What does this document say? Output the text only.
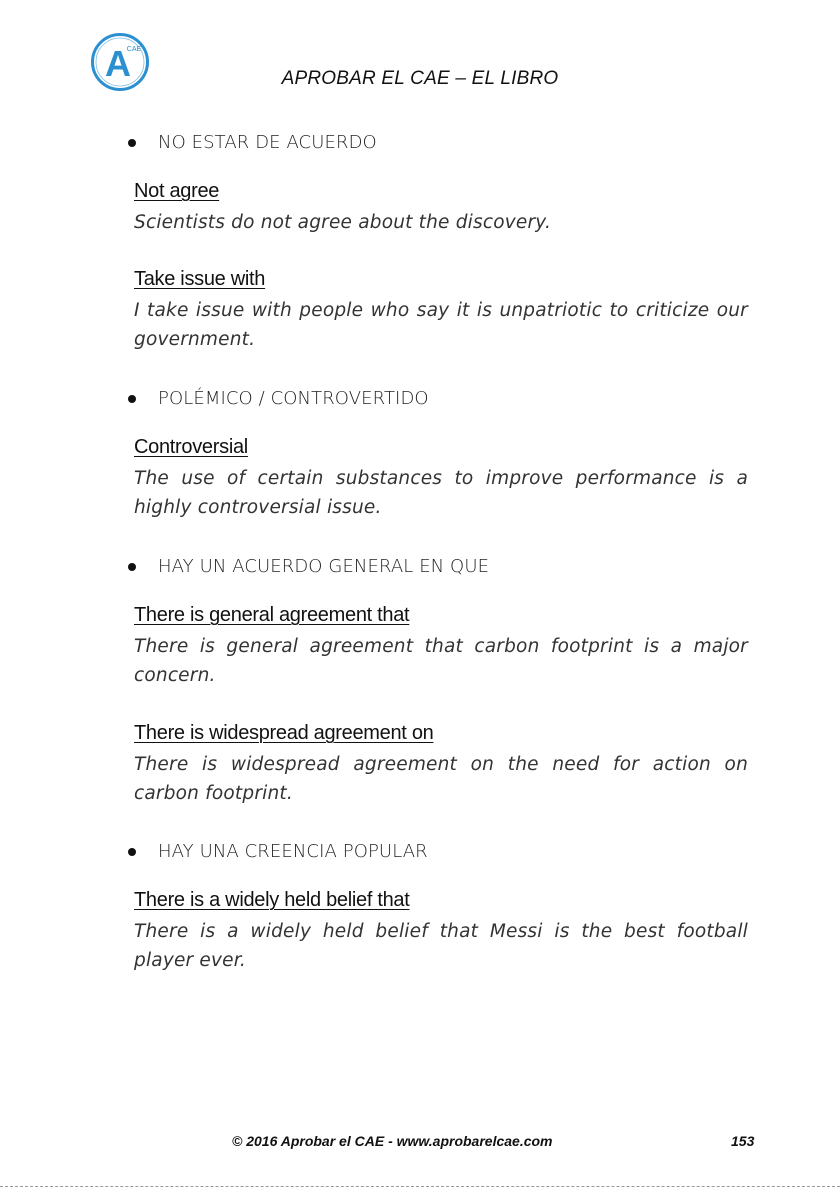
A
CAE
APROBAR EL CAE – EL LIBRO
NO ESTAR DE ACUERDO
Not agree
Scientists do not agree about the discovery.
Take issue with
I take issue with people who say it is unpatriotic to criticize our government.
POLÉMICO / CONTROVERTIDO
Controversial
The use of certain substances to improve performance is a highly controversial issue.
HAY UN ACUERDO GENERAL EN QUE
There is general agreement that
There is general agreement that carbon footprint is a major concern.
There is widespread agreement on
There is widespread agreement on the need for action on carbon footprint.
HAY UNA CREENCIA POPULAR
There is a widely held belief that
There is a widely held belief that Messi is the best football player ever.
© 2016 Aprobar el CAE - www.aprobarelcae.com	153
